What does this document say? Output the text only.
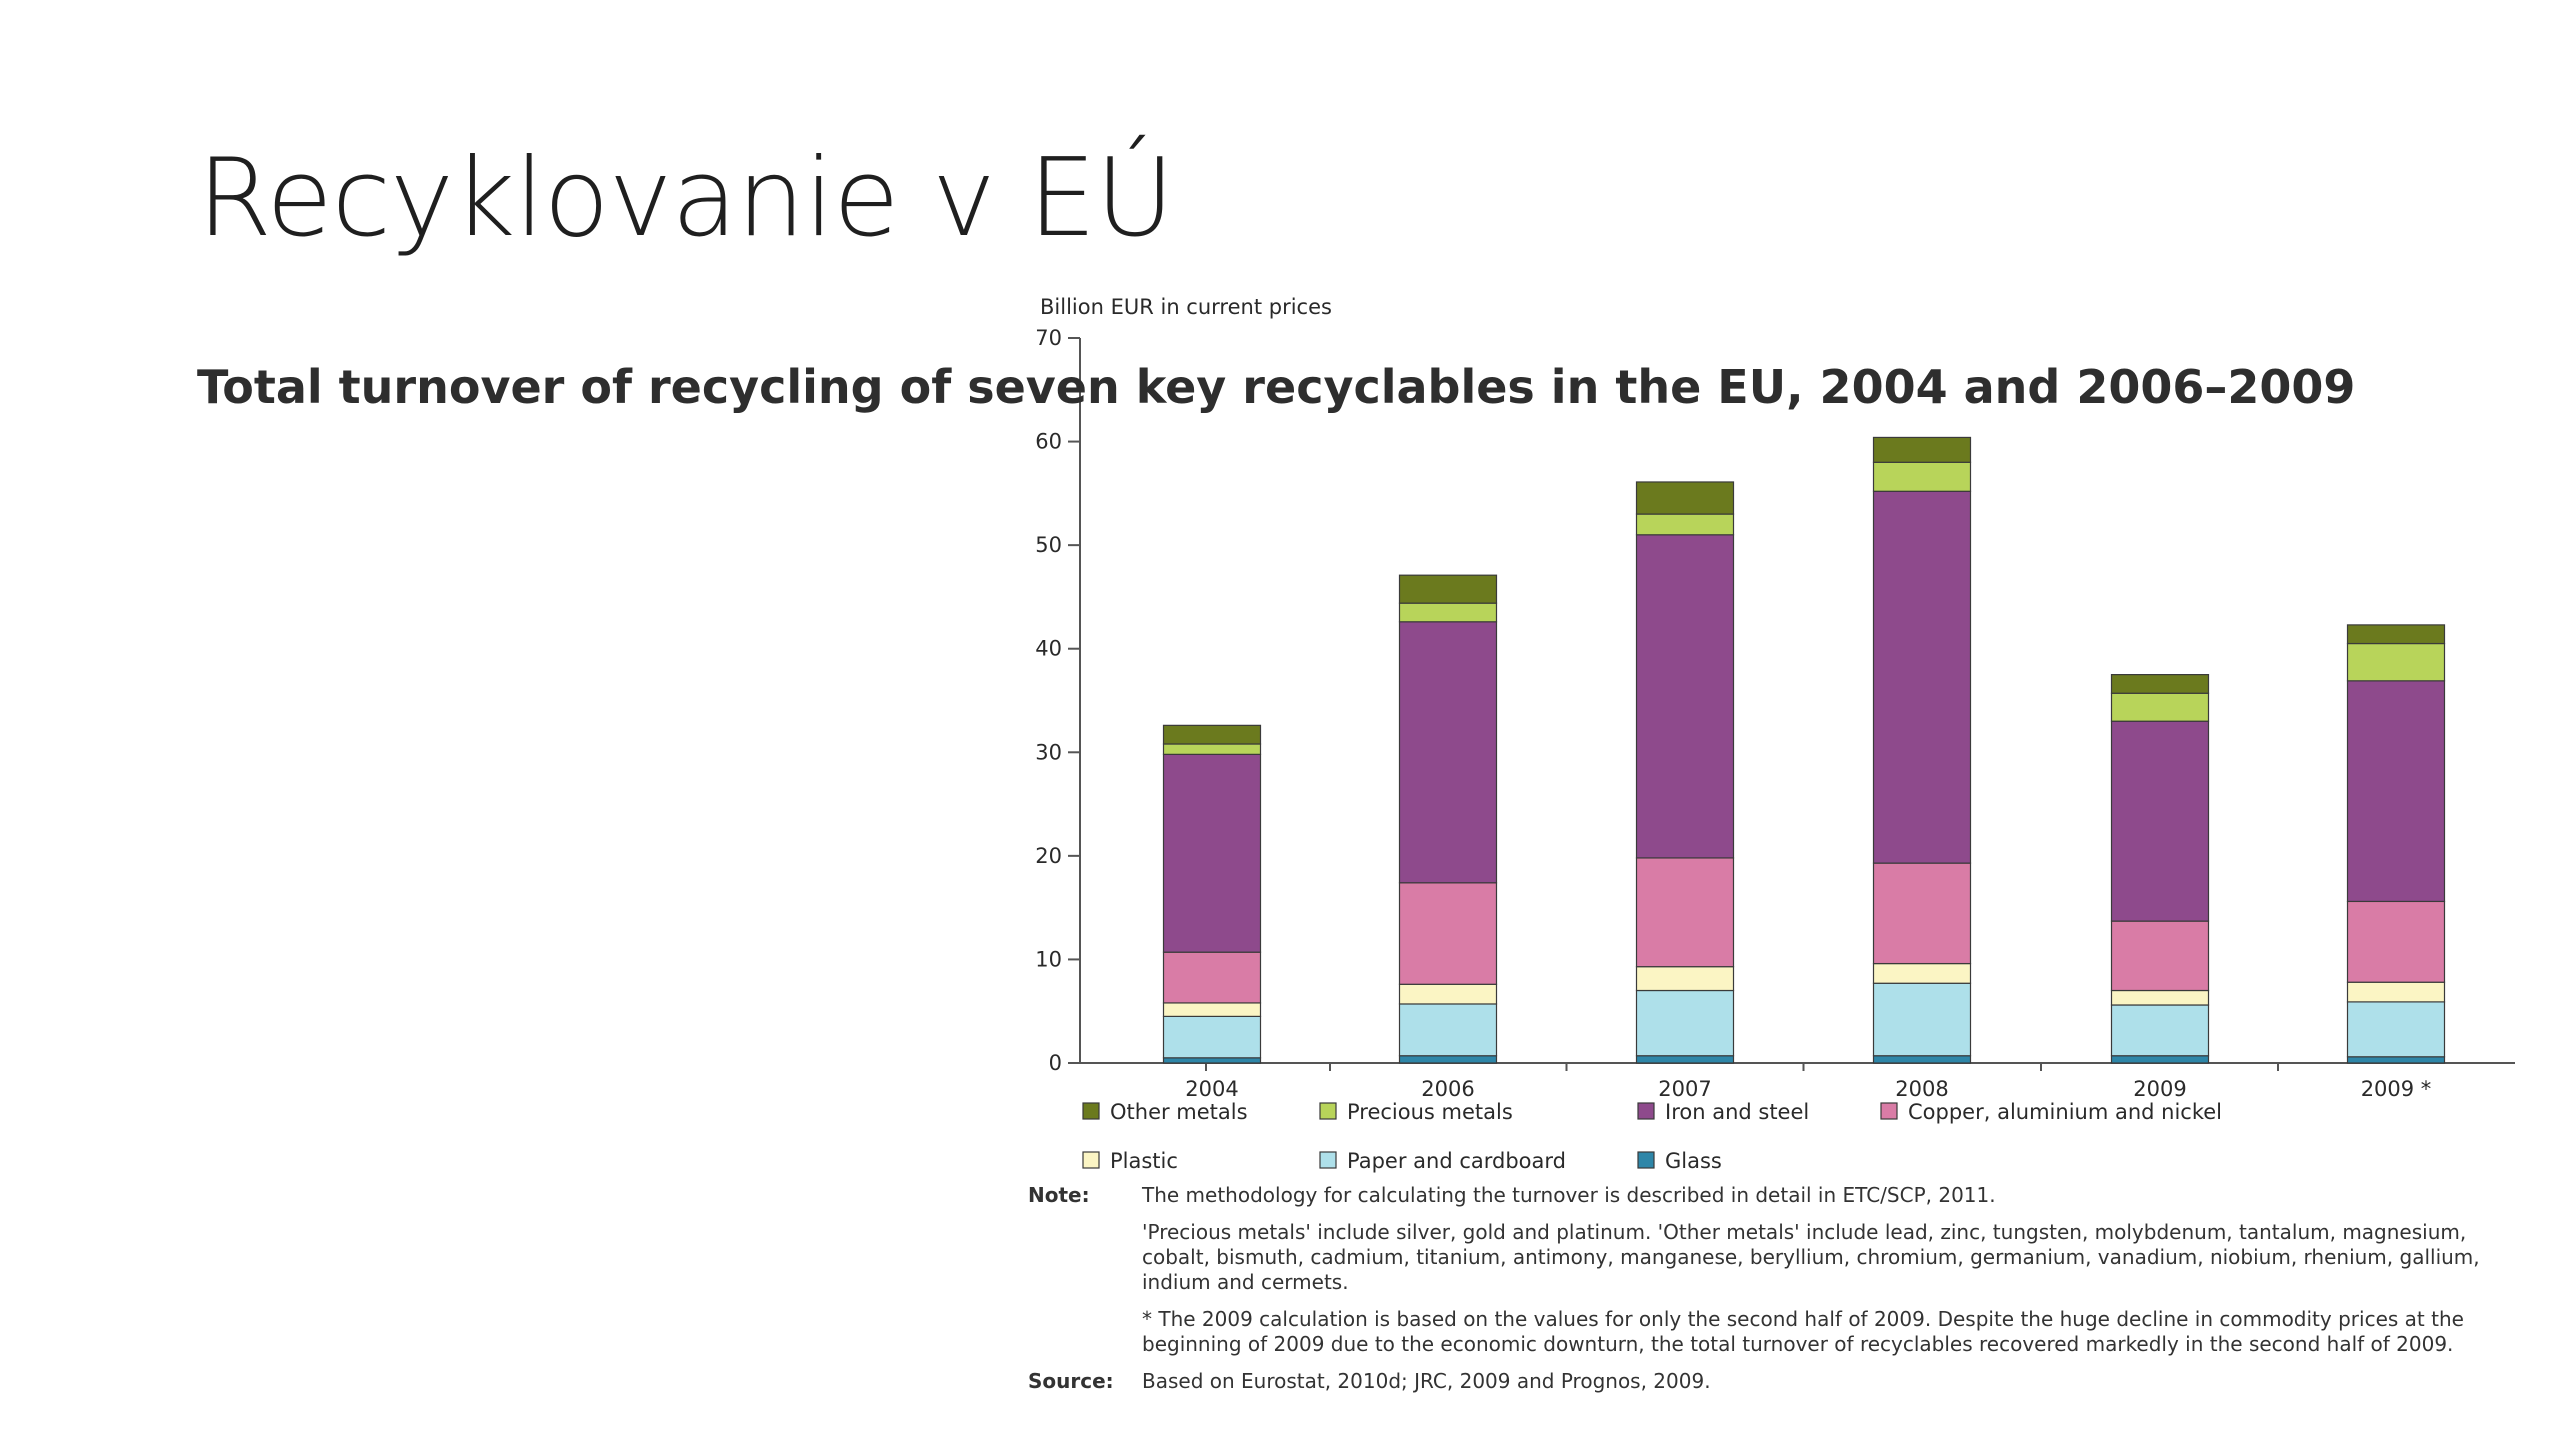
Recyklovanie v EÚ
Total turnover of recycling of seven key recyclables in the EU, 2004 and 2006–2009
Billion EUR in current prices
0
10
20
30
40
50
60
70
2004	2006	2007	2008	2009	2009 *
Other metals	Precious metals	Iron and steel	Copper, aluminium and nickel
Plastic	Paper and cardboard	Glass
Note:	The methodology for calculating the turnover is described in detail in ETC/SCP, 2011.

'Precious metals' include silver, gold and platinum. 'Other metals' include lead, zinc, tungsten, molybdenum, tantalum, magnesium, cobalt, bismuth, cadmium, titanium, antimony, manganese, beryllium, chromium, germanium, vanadium, niobium, rhenium, gallium, indium and cermets.

* The 2009 calculation is based on the values for only the second half of 2009. Despite the huge decline in commodity prices at the beginning of 2009 due to the economic downturn, the total turnover of recyclables recovered markedly in the second half of 2009.

Source:	Based on Eurostat, 2010d; JRC, 2009 and Prognos, 2009.
